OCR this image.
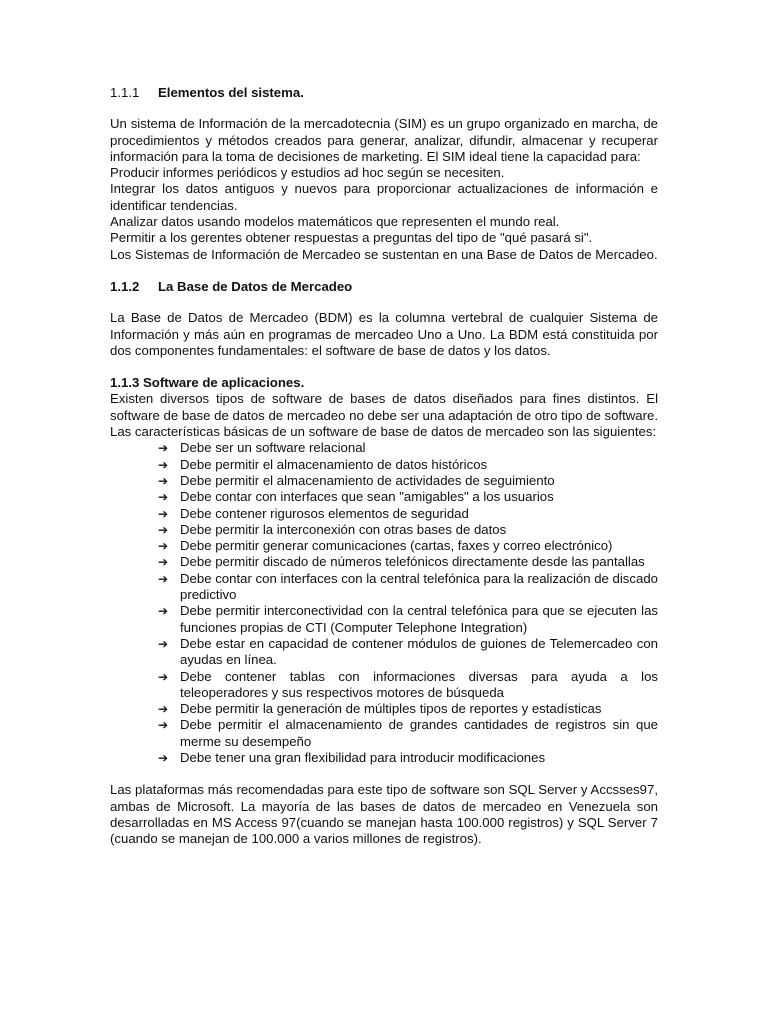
1.1.1 Elementos del sistema.

Un sistema de Información de la mercadotecnia (SIM) es un grupo organizado en marcha, de procedimientos y métodos creados para generar, analizar, difundir, almacenar y recuperar información para la toma de decisiones de marketing. El SIM ideal tiene la capacidad para:

Producir informes periódicos y estudios ad hoc según se necesiten.

Integrar los datos antiguos y nuevos para proporcionar actualizaciones de información e identificar tendencias.

Analizar datos usando modelos matemáticos que representen el mundo real.

Permitir a los gerentes obtener respuestas a preguntas del tipo de "qué pasará si".

Los Sistemas de Información de Mercadeo se sustentan en una Base de Datos de Mercadeo.

1.1.2 La Base de Datos de Mercadeo

La Base de Datos de Mercadeo (BDM) es la columna vertebral de cualquier Sistema de Información y más aún en programas de mercadeo Uno a Uno. La BDM está constituida por dos componentes fundamentales: el software de base de datos y los datos.

1.1.3 Software de aplicaciones.

Existen diversos tipos de software de bases de datos diseñados para fines distintos. El software de base de datos de mercadeo no debe ser una adaptación de otro tipo de software. Las características básicas de un software de base de datos de mercadeo son las siguientes:

➔ Debe ser un software relacional
➔ Debe permitir el almacenamiento de datos históricos
➔ Debe permitir el almacenamiento de actividades de seguimiento
➔ Debe contar con interfaces que sean "amigables" a los usuarios
➔ Debe contener rigurosos elementos de seguridad
➔ Debe permitir la interconexión con otras bases de datos
➔ Debe permitir generar comunicaciones (cartas, faxes y correo electrónico)
➔ Debe permitir discado de números telefónicos directamente desde las pantallas
➔ Debe contar con interfaces con la central telefónica para la realización de discado predictivo
➔ Debe permitir interconectividad con la central telefónica para que se ejecuten las funciones propias de CTI (Computer Telephone Integration)
➔ Debe estar en capacidad de contener módulos de guiones de Telemercadeo con ayudas en línea.
➔ Debe contener tablas con informaciones diversas para ayuda a los teleoperadores y sus respectivos motores de búsqueda
➔ Debe permitir la generación de múltiples tipos de reportes y estadísticas
➔ Debe permitir el almacenamiento de grandes cantidades de registros sin que merme su desempeño
➔ Debe tener una gran flexibilidad para introducir modificaciones

Las plataformas más recomendadas para este tipo de software son SQL Server y Accsses97, ambas de Microsoft. La mayoría de las bases de datos de mercadeo en Venezuela son desarrolladas en MS Access 97(cuando se manejan hasta 100.000 registros) y SQL Server 7 (cuando se manejan de 100.000 a varios millones de registros).
